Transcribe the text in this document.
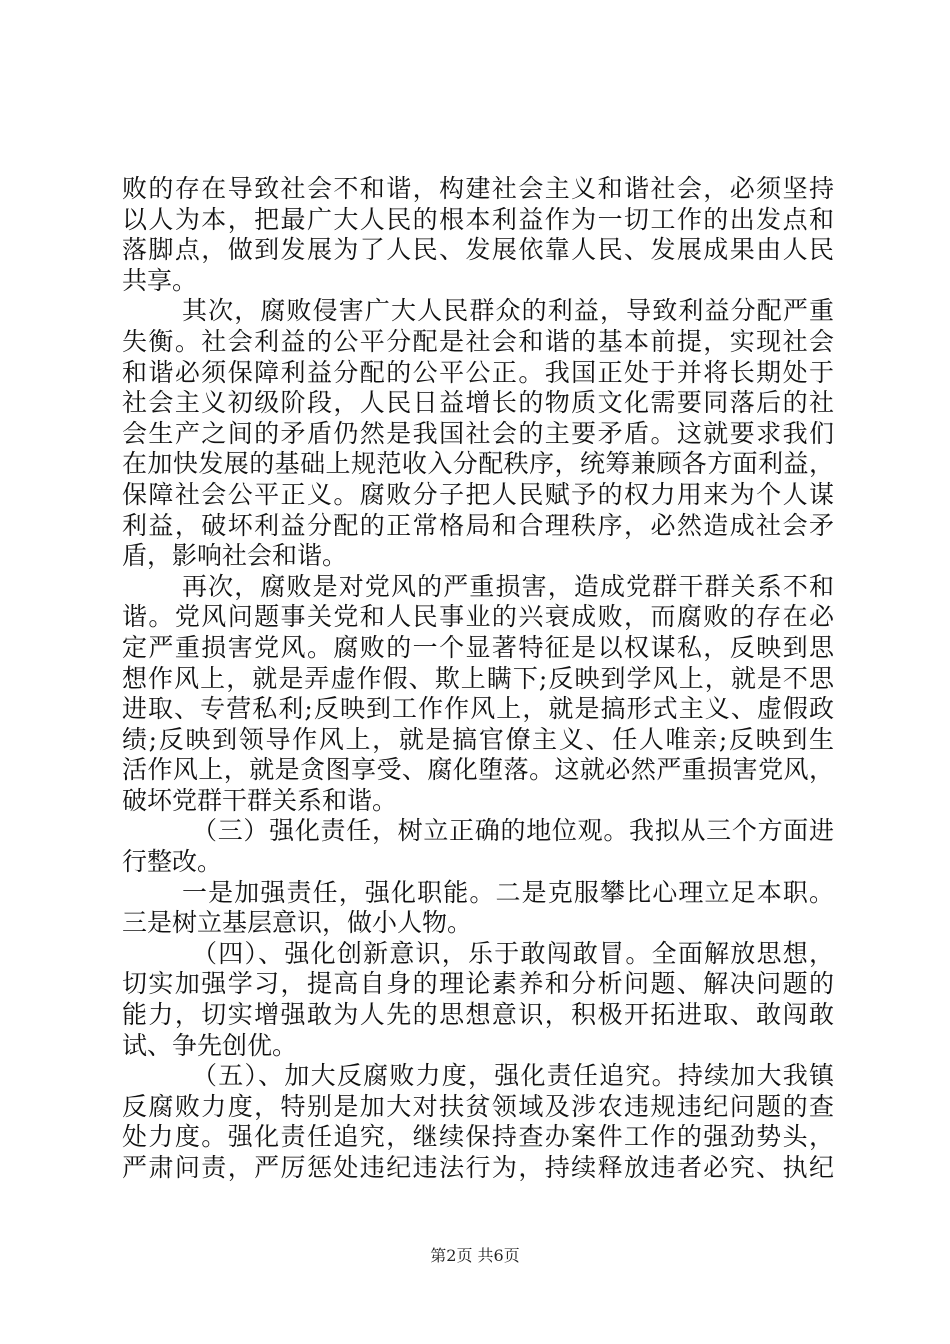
败的存在导致社会不和谐，构建社会主义和谐社会，必须坚持
以人为本，把最广大人民的根本利益作为一切工作的出发点和
落脚点，做到发展为了人民、发展依靠人民、发展成果由人民
共享。
其次，腐败侵害广大人民群众的利益，导致利益分配严重
失衡。社会利益的公平分配是社会和谐的基本前提，实现社会
和谐必须保障利益分配的公平公正。我国正处于并将长期处于
社会主义初级阶段，人民日益增长的物质文化需要同落后的社
会生产之间的矛盾仍然是我国社会的主要矛盾。这就要求我们
在加快发展的基础上规范收入分配秩序，统筹兼顾各方面利益，
保障社会公平正义。腐败分子把人民赋予的权力用来为个人谋
利益，破坏利益分配的正常格局和合理秩序，必然造成社会矛
盾，影响社会和谐。
再次，腐败是对党风的严重损害，造成党群干群关系不和
谐。党风问题事关党和人民事业的兴衰成败，而腐败的存在必
定严重损害党风。腐败的一个显著特征是以权谋私，反映到思
想作风上，就是弄虚作假、欺上瞒下;反映到学风上，就是不思
进取、专营私利;反映到工作作风上，就是搞形式主义、虚假政
绩;反映到领导作风上，就是搞官僚主义、任人唯亲;反映到生
活作风上，就是贪图享受、腐化堕落。这就必然严重损害党风，
破坏党群干群关系和谐。
（三）强化责任，树立正确的地位观。我拟从三个方面进
行整改。
一是加强责任，强化职能。二是克服攀比心理立足本职。
三是树立基层意识，做小人物。
（四）、强化创新意识，乐于敢闯敢冒。全面解放思想，
切实加强学习，提高自身的理论素养和分析问题、解决问题的
能力，切实增强敢为人先的思想意识，积极开拓进取、敢闯敢
试、争先创优。
（五）、加大反腐败力度，强化责任追究。持续加大我镇
反腐败力度，特别是加大对扶贫领域及涉农违规违纪问题的查
处力度。强化责任追究，继续保持查办案件工作的强劲势头，
严肃问责，严厉惩处违纪违法行为，持续释放违者必究、执纪
第2页 共6页
